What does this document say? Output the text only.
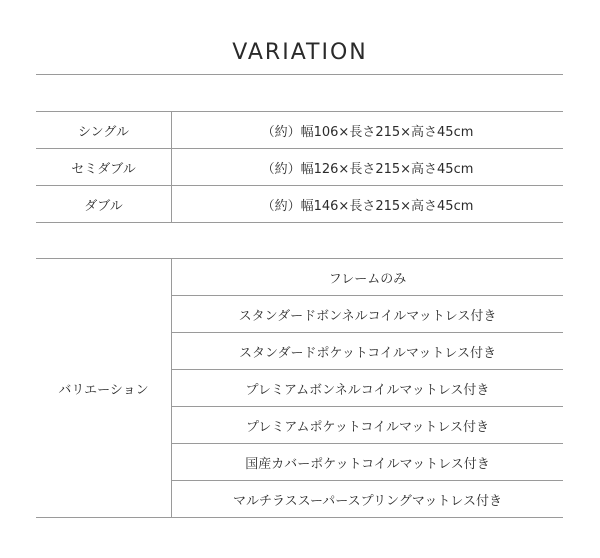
VARIATION
シングル	（約）幅106×長さ215×高さ45cm
セミダブル	（約）幅126×長さ215×高さ45cm
ダブル	（約）幅146×長さ215×高さ45cm
バリエーション	フレームのみ
スタンダードボンネルコイルマットレス付き
スタンダードポケットコイルマットレス付き
プレミアムボンネルコイルマットレス付き
プレミアムポケットコイルマットレス付き
国産カバーポケットコイルマットレス付き
マルチラススーパースプリングマットレス付き
